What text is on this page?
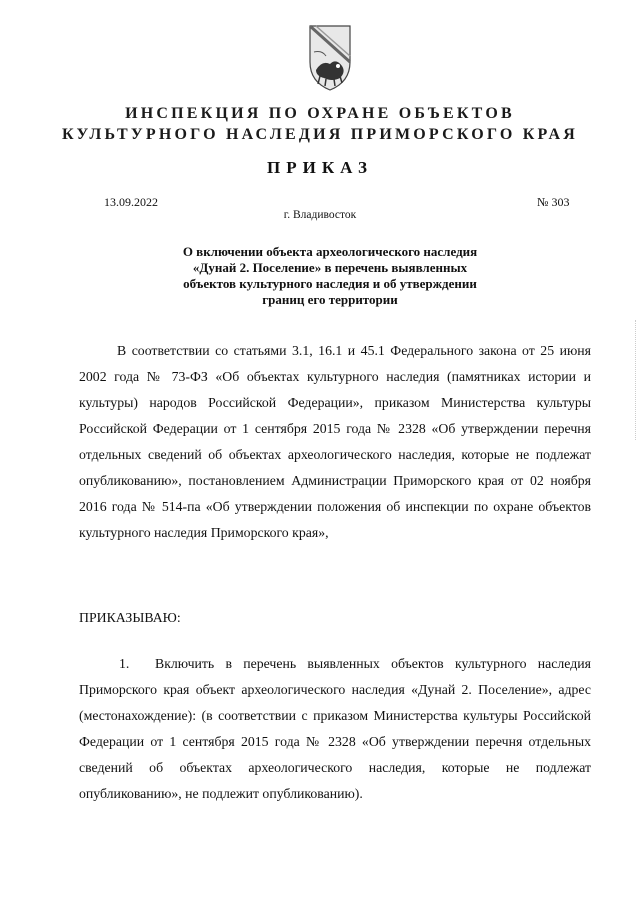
ИНСПЕКЦИЯ ПО ОХРАНЕ ОБЪЕКТОВ
КУЛЬТУРНОГО НАСЛЕДИЯ ПРИМОРСКОГО КРАЯ
ПРИКАЗ
13.09.2022	№ 303
г. Владивосток
О включении объекта археологического наследия
«Дунай 2. Поселение» в перечень выявленных
объектов культурного наследия и об утверждении
границ его территории
В соответствии со статьями 3.1, 16.1 и 45.1 Федерального закона от 25 июня 2002 года № 73-ФЗ «Об объектах культурного наследия (памятниках истории и культуры) народов Российской Федерации», приказом Министерства культуры Российской Федерации от 1 сентября 2015 года № 2328 «Об утверждении перечня отдельных сведений об объектах археологического наследия, которые не подлежат опубликованию», постановлением Администрации Приморского края от 02 ноября 2016 года № 514-па «Об утверждении положения об инспекции по охране объектов культурного наследия Приморского края»,
ПРИКАЗЫВАЮ:
1. Включить в перечень выявленных объектов культурного наследия Приморского края объект археологического наследия «Дунай 2. Поселение», адрес (местонахождение): (в соответствии с приказом Министерства культуры Российской Федерации от 1 сентября 2015 года № 2328 «Об утверждении перечня отдельных сведений об объектах археологического наследия, которые не подлежат опубликованию», не подлежит опубликованию).
